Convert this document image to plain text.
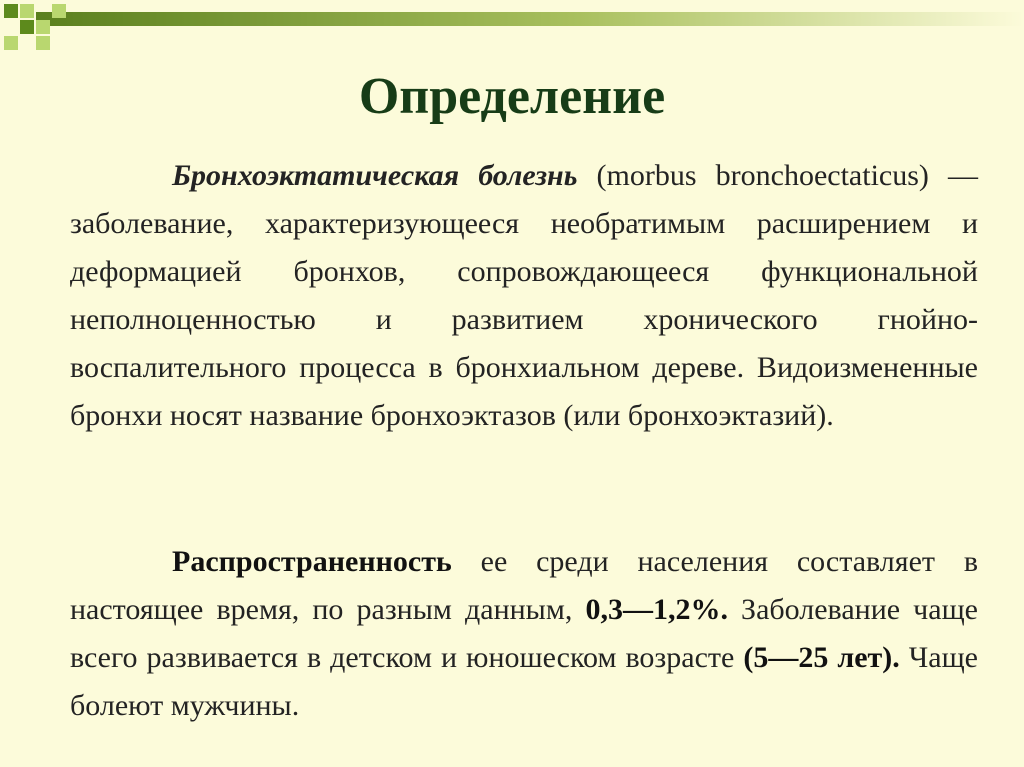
Определение

Бронхоэктатическая болезнь (morbus bronchoectaticus) — заболевание, характеризующееся необратимым расширением и деформацией бронхов, сопровождающееся функциональной неполноценностью и развитием хронического гнойно-воспалительного процесса в бронхиальном дереве. Видоизмененные бронхи носят название бронхоэктазов (или бронхоэктазий).

Распространенность ее среди населения составляет в настоящее время, по разным данным, 0,3—1,2%. Заболевание чаще всего развивается в детском и юношеском возрасте (5—25 лет). Чаще болеют мужчины.
